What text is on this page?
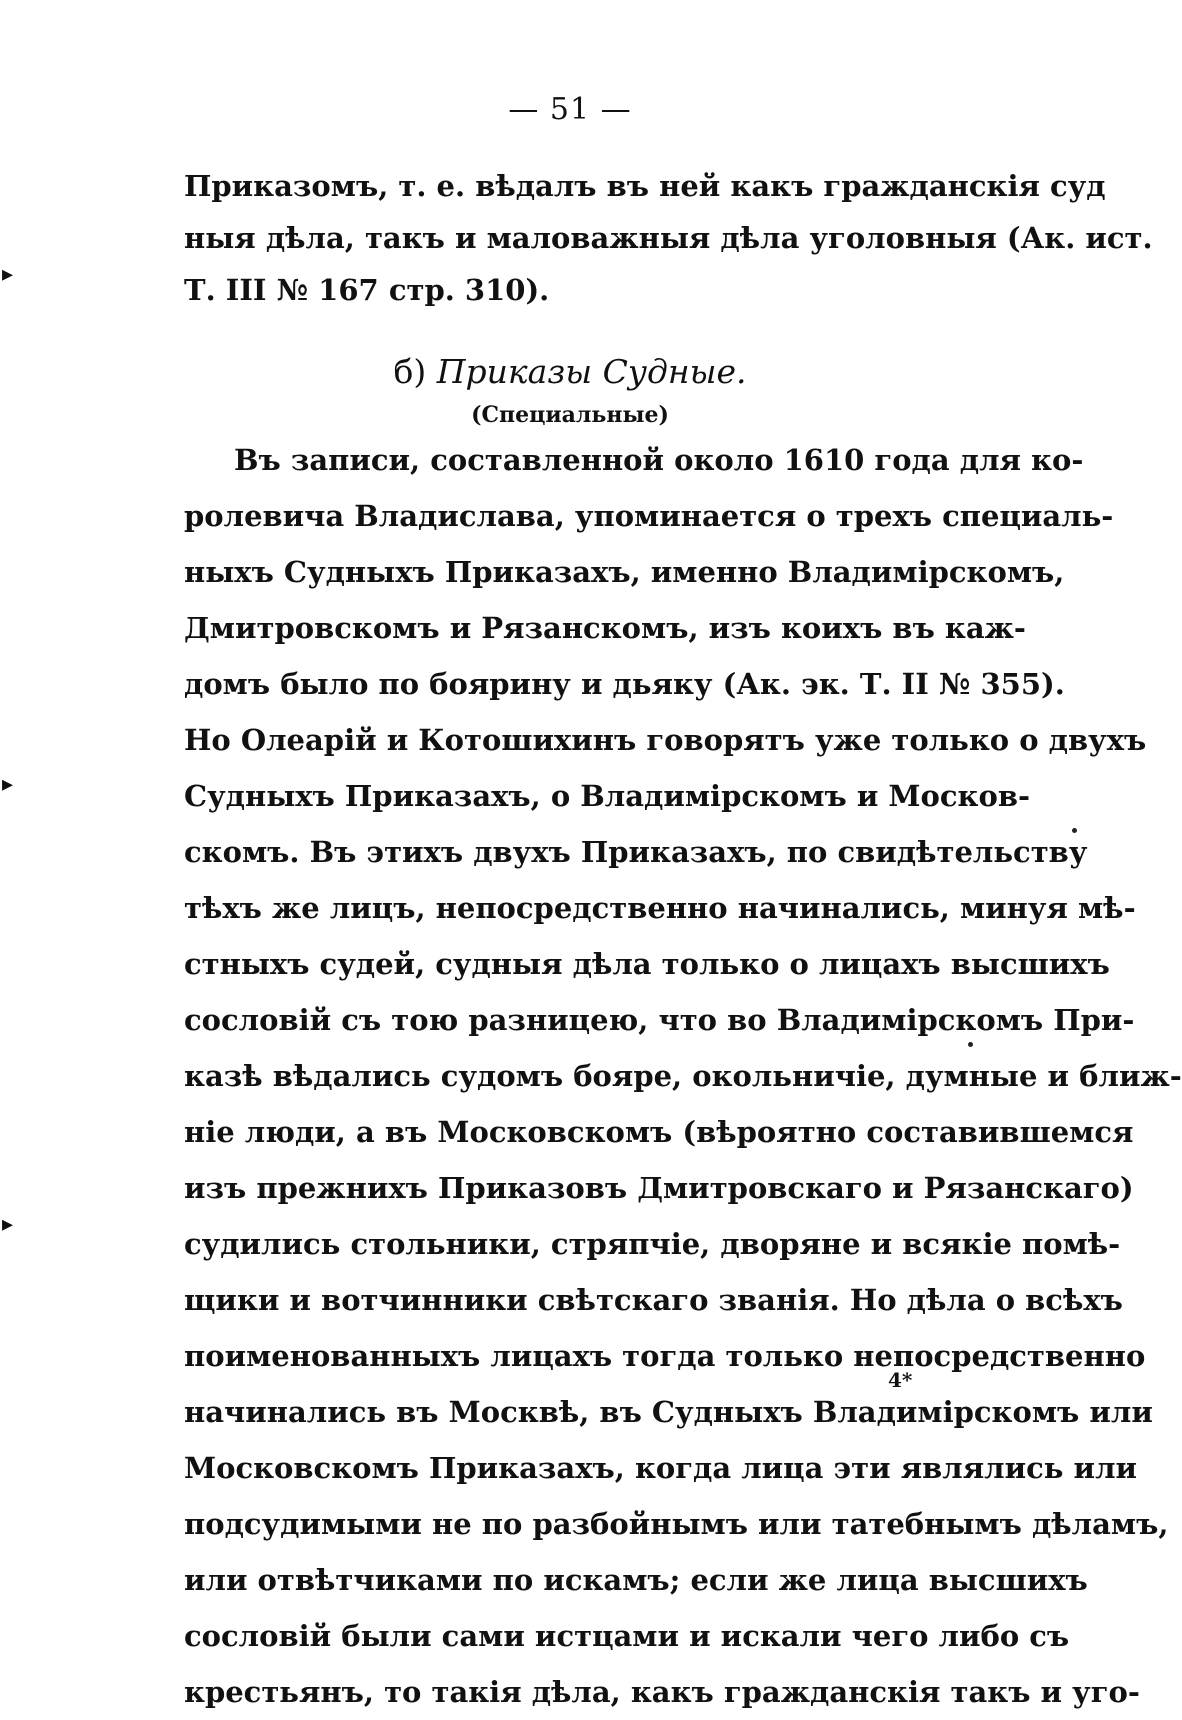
— 51 —
Приказомъ, т. е. вѣдалъ въ ней какъ гражданскія суд
ныя дѣла, такъ и маловажныя дѣла уголовныя (Ак. ист.
Т. III № 167 стр. 310).
б) Приказы Судные.
(Специальные)
Въ записи, составленной около 1610 года для ко-
ролевича Владислава, упоминается о трехъ специаль-
ныхъ Судныхъ Приказахъ, именно Владимірскомъ,
Дмитровскомъ и Рязанскомъ, изъ коихъ въ каж-
домъ было по боярину и дьяку (Ак. эк. Т. II № 355).
Но Олеарій и Котошихинъ говорятъ уже только о двухъ
Судныхъ Приказахъ, о Владимірскомъ и Москов-
скомъ. Въ этихъ двухъ Приказахъ, по свидѣтельству
тѣхъ же лицъ, непосредственно начинались, минуя мѣ-
стныхъ судей, судныя дѣла только о лицахъ высшихъ
сословій съ тою разницею, что во Владимірскомъ При-
казѣ вѣдались судомъ бояре, окольничіе, думные и ближ-
ніе люди, а въ Московскомъ (вѣроятно составившемся
изъ прежнихъ Приказовъ Дмитровскаго и Рязанскаго)
судились стольники, стряпчіе, дворяне и всякіе помѣ-
щики и вотчинники свѣтскаго званія. Но дѣла о всѣхъ
поименованныхъ лицахъ тогда только непосредственно
начинались въ Москвѣ, въ Судныхъ Владимірскомъ или
Московскомъ Приказахъ, когда лица эти являлись или
подсудимыми не по разбойнымъ или татебнымъ дѣламъ,
или отвѣтчиками по искамъ; если же лица высшихъ
сословій были сами истцами и искали чего либо съ
крестьянъ, то такія дѣла, какъ гражданскія такъ и уго-
4*
▸
▸
▸
